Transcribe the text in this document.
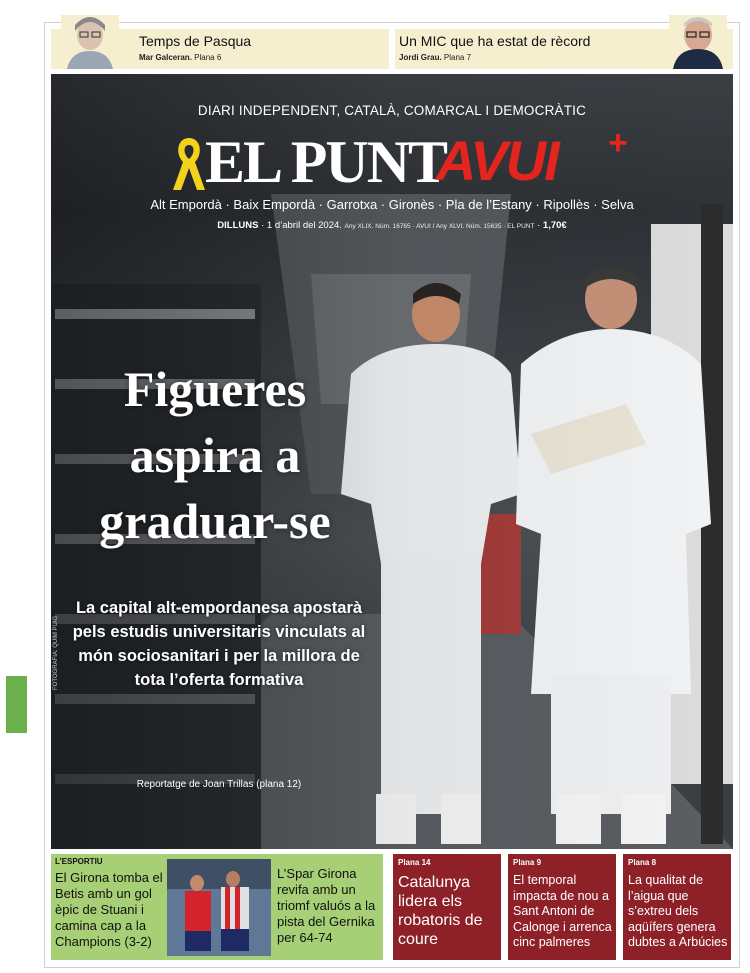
Temps de Pasqua
Mar Galceran. Plana 6
Un MIC que ha estat de rècord
Jordi Grau. Plana 7
DIARI INDEPENDENT, CATALÀ, COMARCAL I DEMOCRÀTIC
EL PUNT
AVUI +
Alt Empordà · Baix Empordà · Garrotxa · Gironès · Pla de l’Estany · Ripollès · Selva
DILLUNS · 1 d’abril del 2024. Any XLIX. Núm. 16765 · AVUI / Any XLVI. Núm. 15635 · EL PUNT · 1,70€
Figueres
aspira a
graduar-se
La capital alt-empordanesa apostarà pels estudis universitaris vinculats al món sociosanitari i per la millora de tota l’oferta formativa
Reportatge de Joan Trillas (plana 12)
FOTOGRAFIA: QUIM PUIG
L’ESPORTIU
El Girona tomba el Betis amb un gol èpic de Stuani i camina cap a la Champions (3-2)
L’Spar Girona revifa amb un triomf valuós a la pista del Gernika per 64-74
Plana 14
Catalunya lidera els robatoris de coure
Plana 9
El temporal impacta de nou a Sant Antoni de Calonge i arrenca cinc palmeres
Plana 8
La qualitat de l’aigua que s’extreu dels aqüífers genera dubtes a Arbúcies
